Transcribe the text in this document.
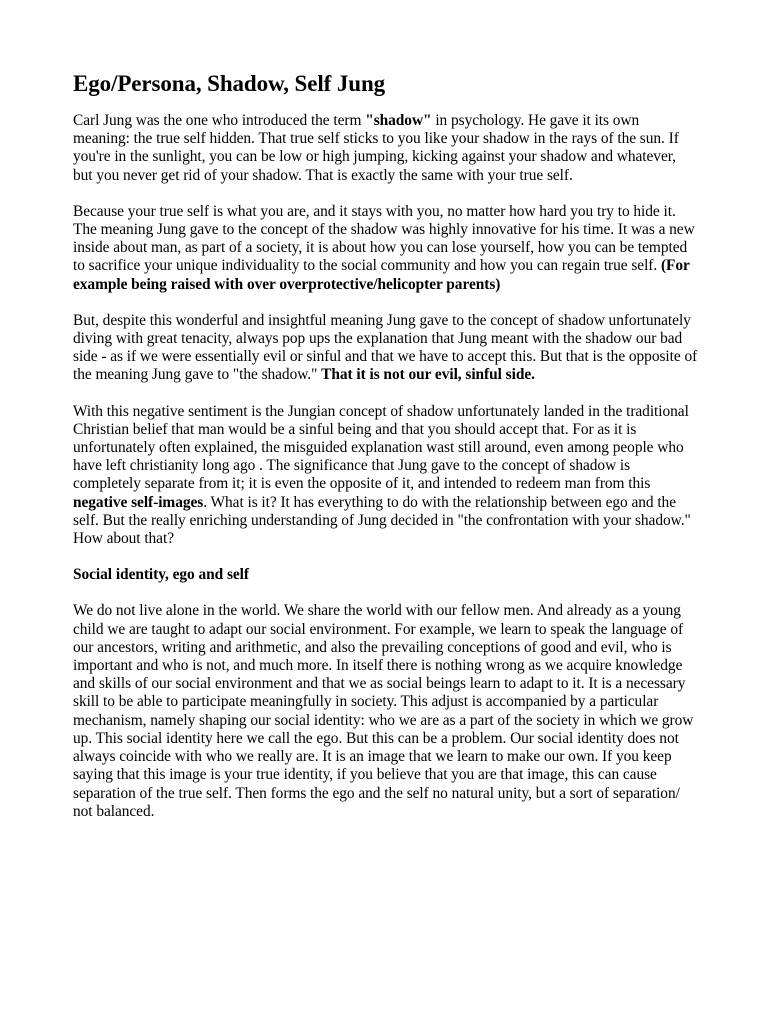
Ego/Persona, Shadow, Self Jung

Carl Jung was the one who introduced the term "shadow" in psychology. He gave it its own meaning: the true self hidden. That true self sticks to you like your shadow in the rays of the sun. If you're in the sunlight, you can be low or high jumping, kicking against your shadow and whatever, but you never get rid of your shadow. That is exactly the same with your true self.

Because your true self is what you are, and it stays with you, no matter how hard you try to hide it. The meaning Jung gave to the concept of the shadow was highly innovative for his time. It was a new inside about man, as part of a society, it is about how you can lose yourself, how you can be tempted to sacrifice your unique individuality to the social community and how you can regain true self. (For example being raised with over overprotective/helicopter parents)

But, despite this wonderful and insightful meaning Jung gave to the concept of shadow unfortunately diving with great tenacity, always pop ups the explanation that Jung meant with the shadow our bad side - as if we were essentially evil or sinful and that we have to accept this. But that is the opposite of the meaning Jung gave to "the shadow." That it is not our evil, sinful side.

With this negative sentiment is the Jungian concept of shadow unfortunately landed in the traditional Christian belief that man would be a sinful being and that you should accept that. For as it is unfortunately often explained, the misguided explanation wast still around, even among people who have left christianity long ago . The significance that Jung gave to the concept of shadow is completely separate from it; it is even the opposite of it, and intended to redeem man from this negative self-images. What is it? It has everything to do with the relationship between ego and the self. But the really enriching understanding of Jung decided in "the confrontation with your shadow." How about that?

Social identity, ego and self

We do not live alone in the world. We share the world with our fellow men. And already as a young child we are taught to adapt our social environment. For example, we learn to speak the language of our ancestors, writing and arithmetic, and also the prevailing conceptions of good and evil, who is important and who is not, and much more. In itself there is nothing wrong as we acquire knowledge and skills of our social environment and that we as social beings learn to adapt to it. It is a necessary skill to be able to participate meaningfully in society. This adjust is accompanied by a particular mechanism, namely shaping our social identity: who we are as a part of the society in which we grow up. This social identity here we call the ego. But this can be a problem. Our social identity does not always coincide with who we really are. It is an image that we learn to make our own. If you keep saying that this image is your true identity, if you believe that you are that image, this can cause separation of the true self. Then forms the ego and the self no natural unity, but a sort of separation/ not balanced.
